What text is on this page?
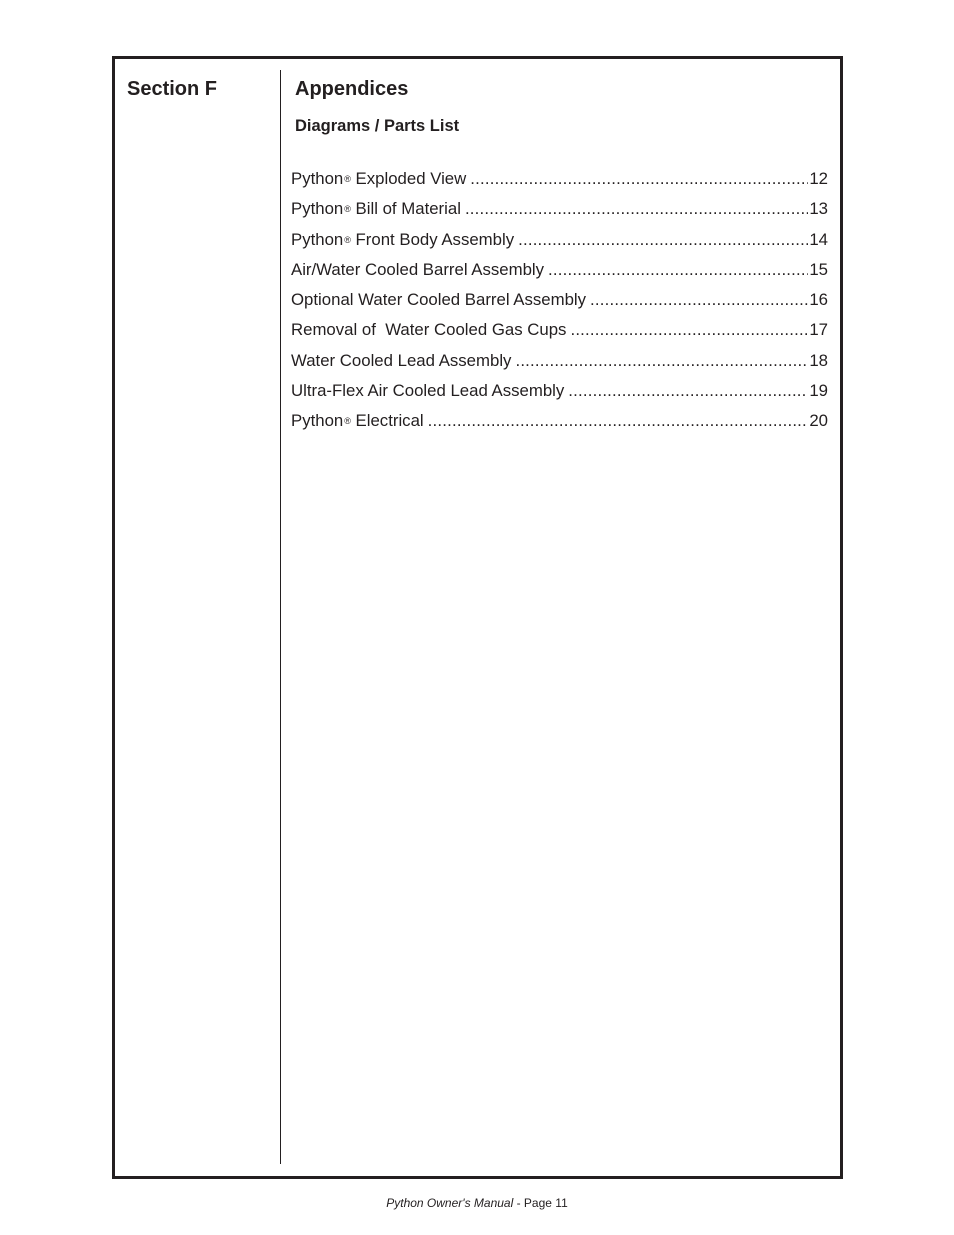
Section F	Appendices
Diagrams / Parts List
Python® Exploded View .....	12
Python® Bill of Material .....	13
Python® Front Body Assembly .....	14
Air/Water Cooled Barrel Assembly .....	15
Optional Water Cooled Barrel Assembly .....	16
Removal of  Water Cooled Gas Cups .....	17
Water Cooled Lead Assembly .....	18
Ultra-Flex Air Cooled Lead Assembly .....	19
Python® Electrical .....	20
Python Owner's Manual - Page 11
